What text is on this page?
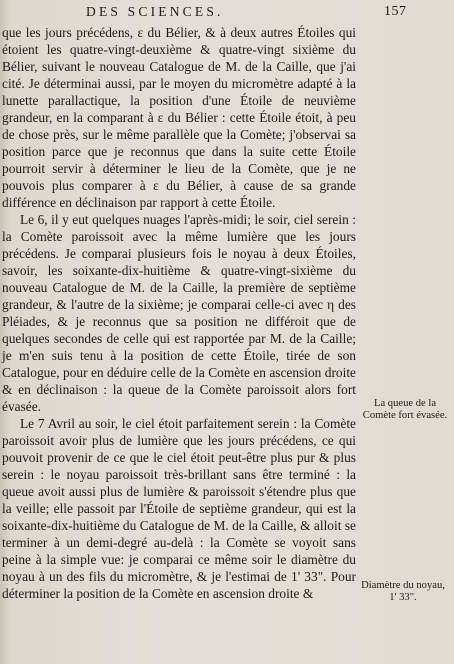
DES SCIENCES.	157

que les jours précédens, ε du Bélier, & à deux autres Étoiles qui étoient les quatre-vingt-deuxième & quatre-vingt sixième du Bélier, suivant le nouveau Catalogue de M. de la Caille, que j'ai cité. Je déterminai aussi, par le moyen du micromètre adapté à la lunette parallactique, la position d'une Étoile de neuvième grandeur, en la comparant à ε du Bélier : cette Étoile étoit, à peu de chose près, sur le même parallèle que la Comète; j'observai sa position parce que je reconnus que dans la suite cette Étoile pourroit servir à déterminer le lieu de la Comète, que je ne pouvois plus comparer à ε du Bélier, à cause de sa grande différence en déclinaison par rapport à cette Étoile.

Le 6, il y eut quelques nuages l'après-midi; le soir, ciel serein : la Comète paroissoit avec la même lumière que les jours précédens. Je comparai plusieurs fois le noyau à deux Étoiles, savoir, les soixante-dix-huitième & quatre-vingt-sixième du nouveau Catalogue de M. de la Caille, la première de septième grandeur, & l'autre de la sixième; je comparai celle-ci avec η des Pléiades, & je reconnus que sa position ne différoit que de quelques secondes de celle qui est rapportée par M. de la Caille; je m'en suis tenu à la position de cette Étoile, tirée de son Catalogue, pour en déduire celle de la Comète en ascension droite & en déclinaison : la queue de la Comète paroissoit alors fort évasée.

Le 7 Avril au soir, le ciel étoit parfaitement serein : la Comète paroissoit avoir plus de lumière que les jours précédens, ce qui pouvoit provenir de ce que le ciel étoit peut-être plus pur & plus serein : le noyau paroissoit très-brillant sans être terminé : la queue avoit aussi plus de lumière & paroissoit s'étendre plus que la veille; elle passoit par l'Étoile de septième grandeur, qui est la soixante-dix-huitième du Catalogue de M. de la Caille, & alloit se terminer à un demi-degré au-delà : la Comète se voyoit sans peine à la simple vue: je comparai ce même soir le diamètre du noyau à un des fils du micromètre, & je l'estimai de 1' 33". Pour déterminer la position de la Comète en ascension droite &

La queue de la Comète fort évasée.
Diamètre du noyau, 1' 33".
